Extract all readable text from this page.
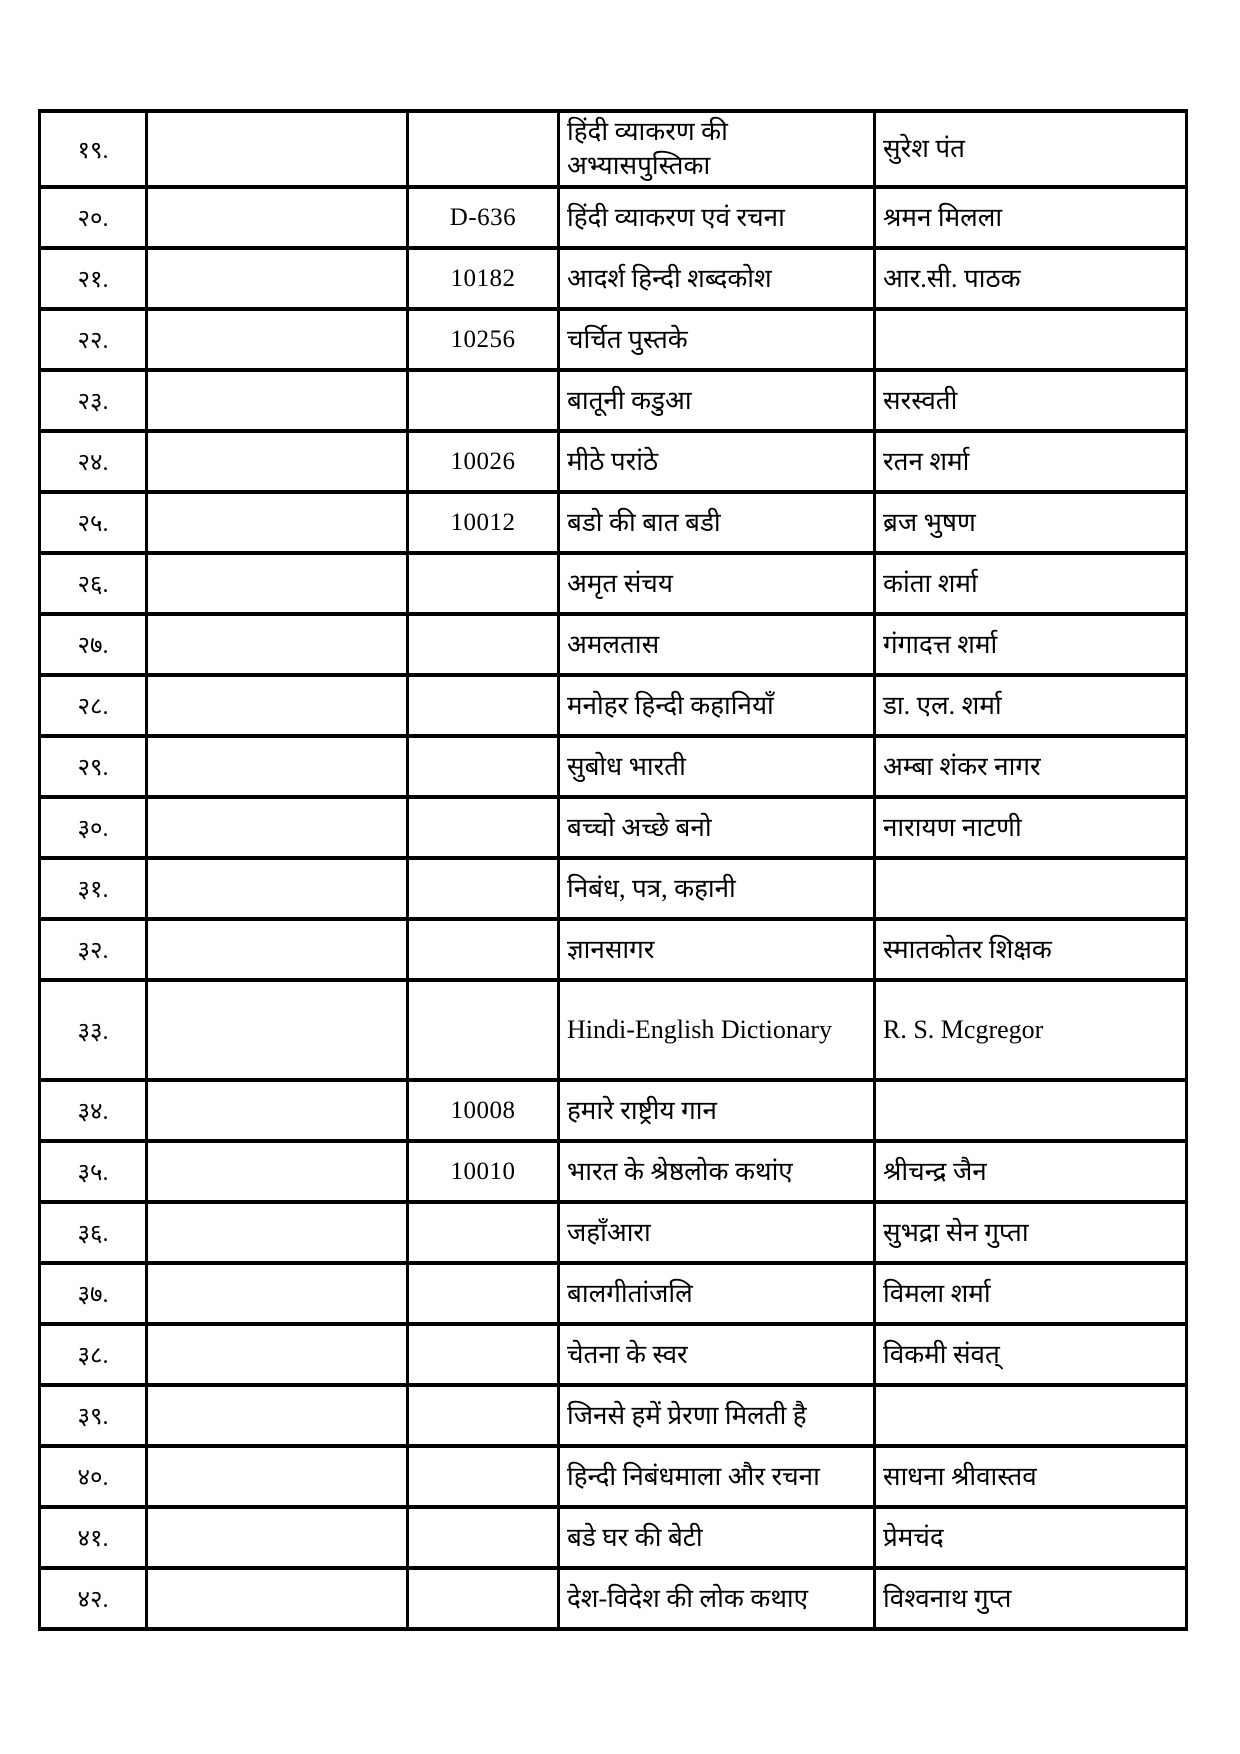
१९.			हिंदी व्याकरण की अभ्यासपुस्तिका	सुरेश पंत
२०.		D-636	हिंदी व्याकरण एवं रचना	श्रमन मिलला
२१.		10182	आदर्श हिन्दी शब्दकोश	आर.सी. पाठक
२२.		10256	चर्चित पुस्तके	
२३.			बातूनी कडुआ	सरस्वती
२४.		10026	मीठे परांठे	रतन शर्मा
२५.		10012	बडो की बात बडी	ब्रज भुषण
२६.			अमृत संचय	कांता शर्मा
२७.			अमलतास	गंगादत्त शर्मा
२८.			मनोहर हिन्दी कहानियाँ	डा. एल. शर्मा
२९.			सुबोध भारती	अम्बा शंकर नागर
३०.			बच्चो अच्छे बनो	नारायण नाटणी
३१.			निबंध, पत्र, कहानी	
३२.			ज्ञानसागर	स्मातकोतर शिक्षक
३३.			Hindi-English Dictionary	R. S. Mcgregor
३४.		10008	हमारे राष्ट्रीय गान	
३५.		10010	भारत के श्रेष्ठलोक कथांए	श्रीचन्द्र जैन
३६.			जहाँआरा	सुभद्रा सेन गुप्ता
३७.			बालगीतांजलि	विमला शर्मा
३८.			चेतना के स्वर	विकमी संवत्
३९.			जिनसे हमें प्रेरणा मिलती है	
४०.			हिन्दी निबंधमाला और रचना	साधना श्रीवास्तव
४१.			बडे घर की बेटी	प्रेमचंद
४२.			देश-विदेश की लोक कथाए	विश्वनाथ गुप्त
